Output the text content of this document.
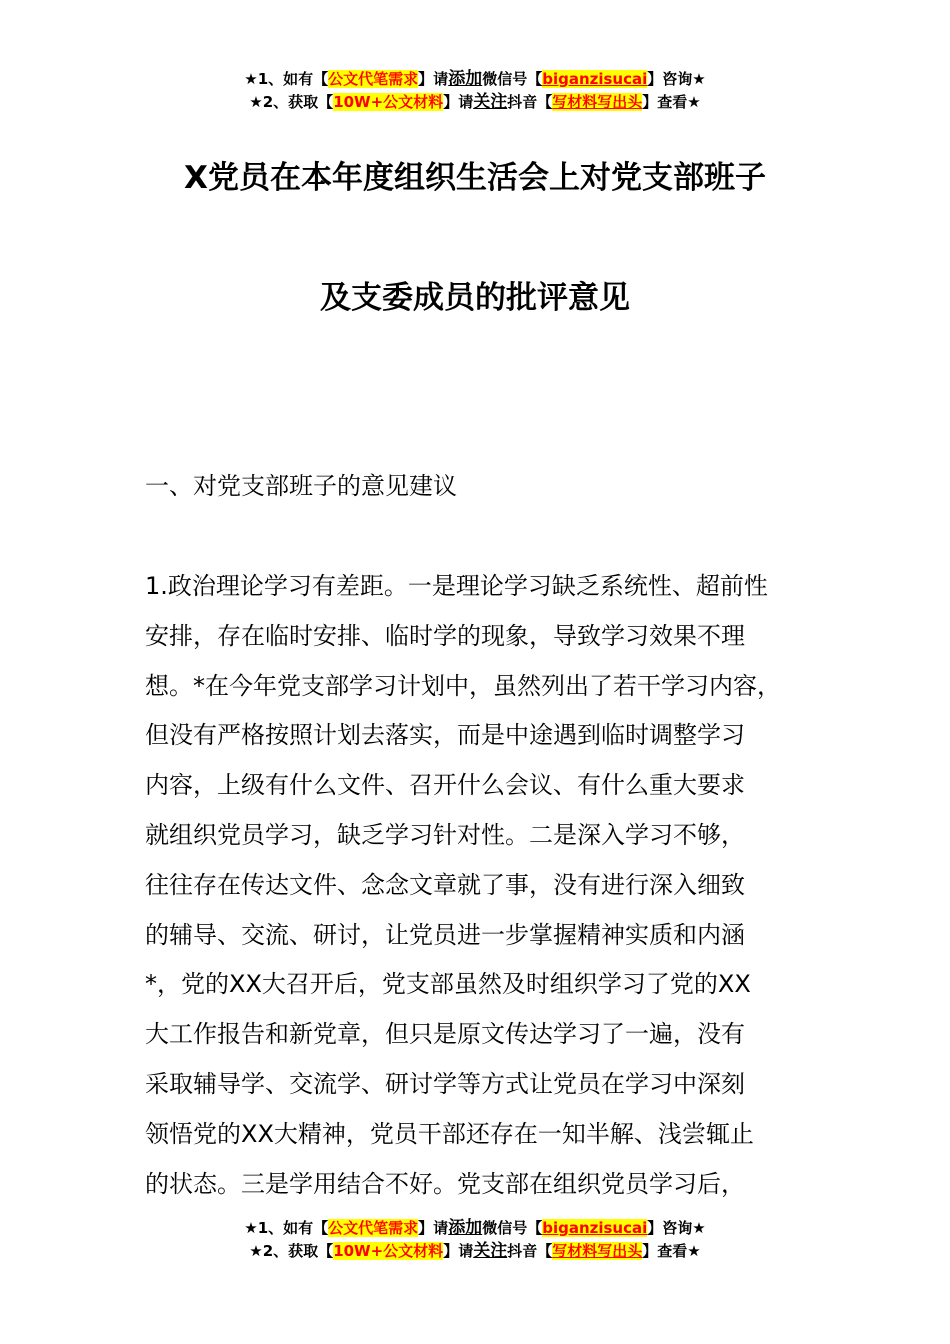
★1、如有【公文代笔需求】请添加微信号【biganzisucai】咨询★
★2、获取【10W+公文材料】请关注抖音【写材料写出头】查看★
X党员在本年度组织生活会上对党支部班子
及支委成员的批评意见
一、对党支部班子的意见建议
1.政治理论学习有差距。一是理论学习缺乏系统性、超前性
安排，存在临时安排、临时学的现象，导致学习效果不理
想。*在今年党支部学习计划中，虽然列出了若干学习内容，
但没有严格按照计划去落实，而是中途遇到临时调整学习
内容，上级有什么文件、召开什么会议、有什么重大要求
就组织党员学习，缺乏学习针对性。二是深入学习不够，
往往存在传达文件、念念文章就了事，没有进行深入细致
的辅导、交流、研讨，让党员进一步掌握精神实质和内涵
*，党的XX大召开后，党支部虽然及时组织学习了党的XX
大工作报告和新党章，但只是原文传达学习了一遍，没有
采取辅导学、交流学、研讨学等方式让党员在学习中深刻
领悟党的XX大精神，党员干部还存在一知半解、浅尝辄止
的状态。三是学用结合不好。党支部在组织党员学习后，
★1、如有【公文代笔需求】请添加微信号【biganzisucai】咨询★
★2、获取【10W+公文材料】请关注抖音【写材料写出头】查看★
